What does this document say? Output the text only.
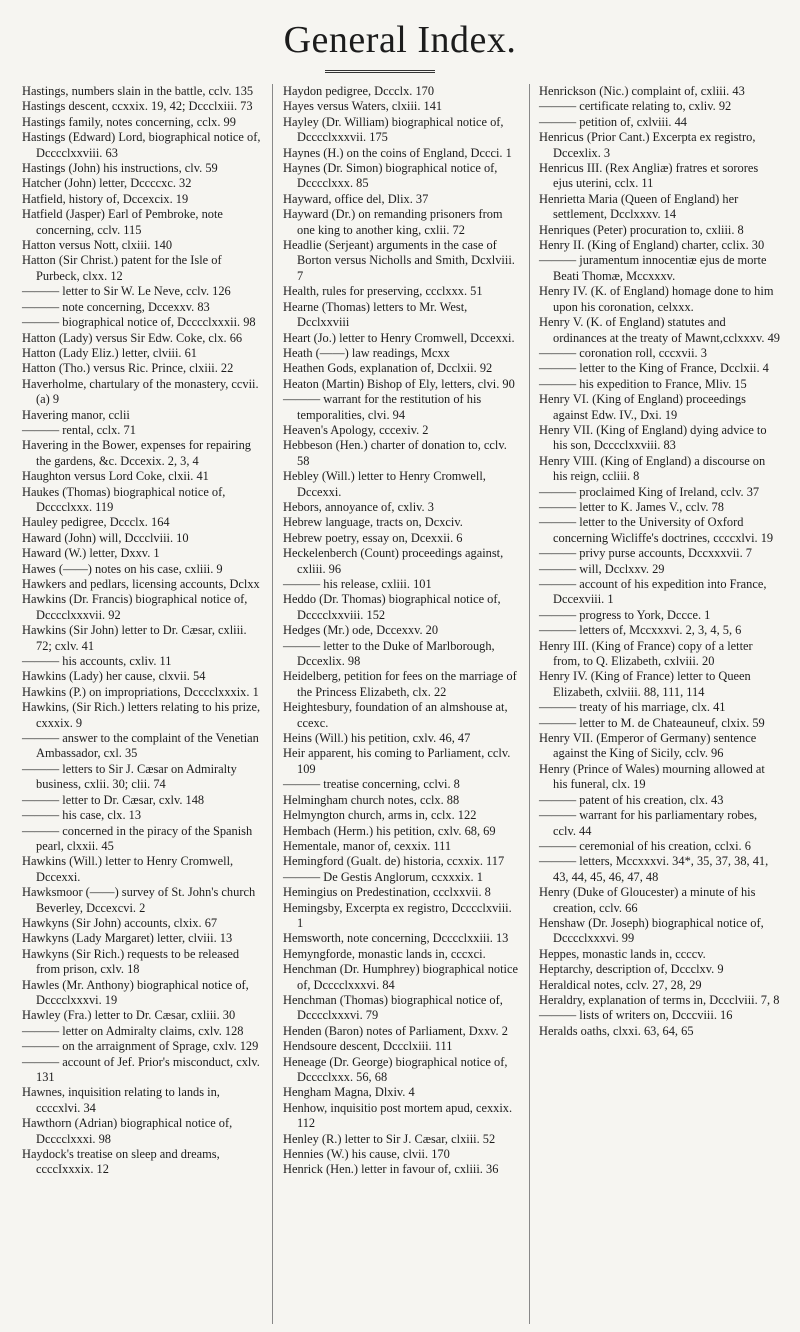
General Index.

Hastings, numbers slain in the battle, cclv. 135

Hastings descent, ccxxix. 19, 42; Dccclxiii. 73

Hastings family, notes concerning, cclx. 99

Hastings (Edward) Lord, biographical notice of, Dcccclxxviii. 63

Hastings (John) his instructions, clv. 59

Hatcher (John) letter, Dccccxc. 32

Hatfield, history of, Dccexcix. 19

Hatfield (Jasper) Earl of Pembroke, note concerning, cclv. 115

Hatton versus Nott, clxiii. 140

Hatton (Sir Christ.) patent for the Isle of Purbeck, clxx. 12

——— letter to Sir W. Le Neve, cclv. 126

——— note concerning, Dccexxv. 83

——— biographical notice of, Dcccclxxxii. 98

Hatton (Lady) versus Sir Edw. Coke, clx. 66

Hatton (Lady Eliz.) letter, clviii. 61

Hatton (Tho.) versus Ric. Prince, clxiii. 22

Haverholme, chartulary of the monastery, ccvii. (a) 9

Havering manor, cclii

——— rental, cclx. 71

Havering in the Bower, expenses for repairing the gardens, &c. Dccexix. 2, 3, 4

Haughton versus Lord Coke, clxii. 41

Haukes (Thomas) biographical notice of, Dcccclxxx. 119

Hauley pedigree, Dccclx. 164

Haward (John) will, Dccclviii. 10

Haward (W.) letter, Dxxv. 1

Hawes (——) notes on his case, cxliii. 9

Hawkers and pedlars, licensing accounts, Dclxx

Hawkins (Dr. Francis) biographical notice of, Dcccclxxxvii. 92

Hawkins (Sir John) letter to Dr. Cæsar, cxliii. 72; cxlv. 41

——— his accounts, cxliv. 11

Hawkins (Lady) her cause, clxvii. 54

Hawkins (P.) on impropriations, Dcccclxxxix. 1

Hawkins, (Sir Rich.) letters relating to his prize, cxxxix. 9

——— answer to the complaint of the Venetian Ambassador, cxl. 35

——— letters to Sir J. Cæsar on Admiralty business, cxlii. 30; clii. 74

——— letter to Dr. Cæsar, cxlv. 148

——— his case, clx. 13

——— concerned in the piracy of the Spanish pearl, clxxii. 45

Hawkins (Will.) letter to Henry Cromwell, Dccexxi.

Hawksmoor (——) survey of St. John's church Beverley, Dccexcvi. 2

Hawkyns (Sir John) accounts, clxix. 67

Hawkyns (Lady Margaret) letter, clviii. 13

Hawkyns (Sir Rich.) requests to be released from prison, cxlv. 18

Hawles (Mr. Anthony) biographical notice of, Dcccclxxxvi. 19

Hawley (Fra.) letter to Dr. Cæsar, cxliii. 30

——— letter on Admiralty claims, cxlv. 128

——— on the arraignment of Sprage, cxlv. 129

——— account of Jef. Prior's misconduct, cxlv. 131

Hawnes, inquisition relating to lands in, ccccxlvi. 34

Hawthorn (Adrian) biographical notice of, Dcccclxxxi. 98

Haydock's treatise on sleep and dreams, ccccIxxxix. 12

Haydon pedigree, Dccclx. 170

Hayes versus Waters, clxiii. 141

Hayley (Dr. William) biographical notice of, Dcccclxxxvii. 175

Haynes (H.) on the coins of England, Dccci. 1

Haynes (Dr. Simon) biographical notice of, Dcccclxxx. 85

Hayward, office del, Dlix. 37

Hayward (Dr.) on remanding prisoners from one king to another king, cxlii. 72

Headlie (Serjeant) arguments in the case of Borton versus Nicholls and Smith, Dcxlviii. 7

Health, rules for preserving, ccclxxx. 51

Hearne (Thomas) letters to Mr. West, Dcclxxviii

Heart (Jo.) letter to Henry Cromwell, Dccexxi.

Heath (——) law readings, Mcxx

Heathen Gods, explanation of, Dcclxii. 92

Heaton (Martin) Bishop of Ely, letters, clvi. 90

——— warrant for the restitution of his temporalities, clvi. 94

Heaven's Apology, cccexiv. 2

Hebbeson (Hen.) charter of donation to, cclv. 58

Hebley (Will.) letter to Henry Cromwell, Dccexxi.

Hebors, annoyance of, cxliv. 3

Hebrew language, tracts on, Dcxciv.

Hebrew poetry, essay on, Dcexxii. 6

Heckelenberch (Count) proceedings against, cxliii. 96

——— his release, cxliii. 101

Heddo (Dr. Thomas) biographical notice of, Dcccclxxviii. 152

Hedges (Mr.) ode, Dccexxv. 20

——— letter to the Duke of Marlborough, Dccexlix. 98

Heidelberg, petition for fees on the marriage of the Princess Elizabeth, clx. 22

Heightesbury, foundation of an almshouse at, ccexc.

Heins (Will.) his petition, cxlv. 46, 47

Heir apparent, his coming to Parliament, cclv. 109

——— treatise concerning, cclvi. 8

Helmingham church notes, cclx. 88

Helmyngton church, arms in, cclx. 122

Hembach (Herm.) his petition, cxlv. 68, 69

Hementale, manor of, cexxix. 111

Hemingford (Gualt. de) historia, ccxxix. 117

——— De Gestis Anglorum, ccxxxix. 1

Hemingius on Predestination, ccclxxvii. 8

Hemingsby, Excerpta ex registro, Dcccclxviii. 1

Hemsworth, note concerning, Dcccclxxiii. 13

Hemyngforde, monastic lands in, cccxci.

Henchman (Dr. Humphrey) biographical notice of, Dcccclxxxvi. 84

Henchman (Thomas) biographical notice of, Dcccclxxxvi. 79

Henden (Baron) notes of Parliament, Dxxv. 2

Hendsoure descent, Dccclxiii. 111

Heneage (Dr. George) biographical notice of, Dcccclxxx. 56, 68

Hengham Magna, Dlxiv. 4

Henhow, inquisitio post mortem apud, cexxix. 112

Henley (R.) letter to Sir J. Cæsar, clxiii. 52

Hennies (W.) his cause, clvii. 170

Henrick (Hen.) letter in favour of, cxliii. 36

Henrickson (Nic.) complaint of, cxliii. 43

——— certificate relating to, cxliv. 92

——— petition of, cxlviii. 44

Henricus (Prior Cant.) Excerpta ex registro, Dccexlix. 3

Henricus III. (Rex Angliæ) fratres et sorores ejus uterini, cclx. 11

Henrietta Maria (Queen of England) her settlement, Dcclxxxv. 14

Henriques (Peter) procuration to, cxliii. 8

Henry II. (King of England) charter, cclix. 30

——— juramentum innocentiæ ejus de morte Beati Thomæ, Mccxxxv.

Henry IV. (K. of England) homage done to him upon his coronation, celxxx.

Henry V. (K. of England) statutes and ordinances at the treaty of Mawnt,cclxxxv. 49

——— coronation roll, cccxvii. 3

——— letter to the King of France, Dcclxii. 4

——— his expedition to France, Mliv. 15

Henry VI. (King of England) proceedings against Edw. IV., Dxi. 19

Henry VII. (King of England) dying advice to his son, Dcccclxxviii. 83

Henry VIII. (King of England) a discourse on his reign, ccliii. 8

——— proclaimed King of Ireland, cclv. 37

——— letter to K. James V., cclv. 78

——— letter to the University of Oxford concerning Wicliffe's doctrines, ccccxlvi. 19

——— privy purse accounts, Dccxxxvii. 7

——— will, Dcclxxv. 29

——— account of his expedition into France, Dccexviii. 1

——— progress to York, Dccce. 1

——— letters of, Mccxxxvi. 2, 3, 4, 5, 6

Henry III. (King of France) copy of a letter from, to Q. Elizabeth, cxlviii. 20

Henry IV. (King of France) letter to Queen Elizabeth, cxlviii. 88, 111, 114

——— treaty of his marriage, clx. 41

——— letter to M. de Chateauneuf, clxix. 59

Henry VII. (Emperor of Germany) sentence against the King of Sicily, cclv. 96

Henry (Prince of Wales) mourning allowed at his funeral, clx. 19

——— patent of his creation, clx. 43

——— warrant for his parliamentary robes, cclv. 44

——— ceremonial of his creation, cclxi. 6

——— letters, Mccxxxvi. 34*, 35, 37, 38, 41, 43, 44, 45, 46, 47, 48

Henry (Duke of Gloucester) a minute of his creation, cclv. 66

Henshaw (Dr. Joseph) biographical notice of, Dcccclxxxvi. 99

Heppes, monastic lands in, ccccv.

Heptarchy, description of, Dccclxv. 9

Heraldical notes, cclv. 27, 28, 29

Heraldry, explanation of terms in, Dccclviii. 7, 8

——— lists of writers on, Dcccviii. 16

Heralds oaths, clxxi. 63, 64, 65
